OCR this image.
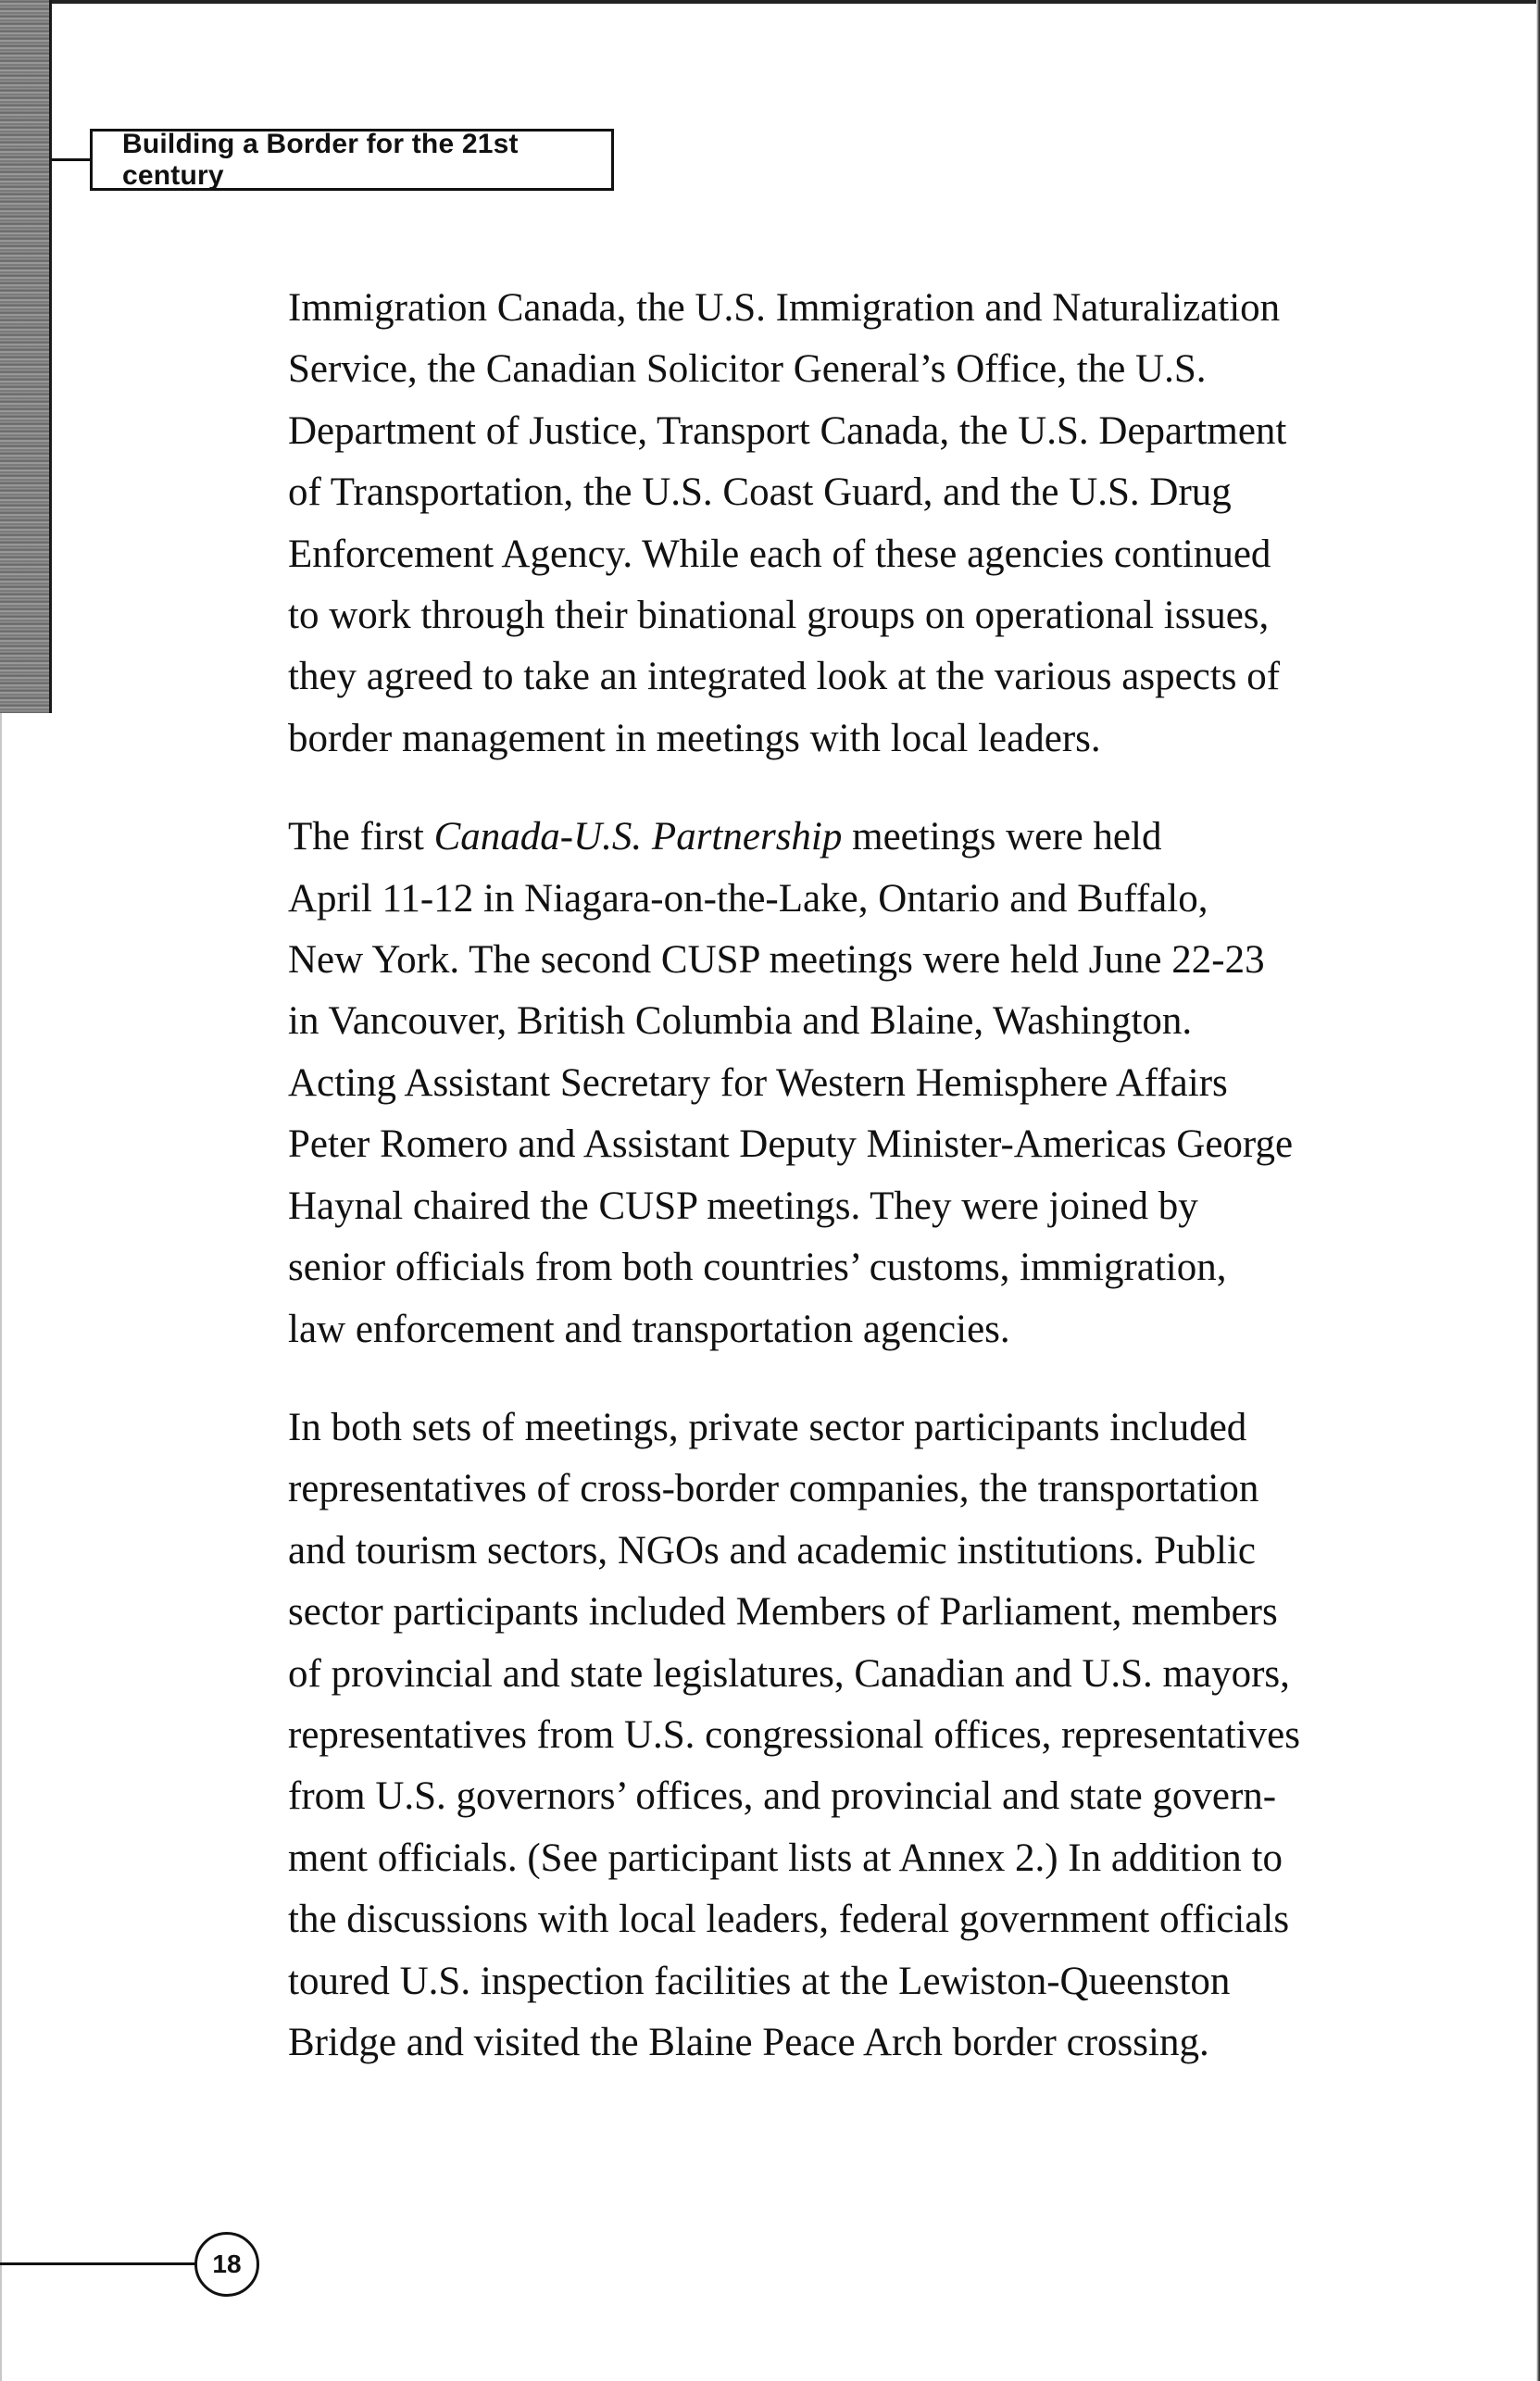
Building a Border for the 21st century

Immigration Canada, the U.S. Immigration and Naturalization
Service, the Canadian Solicitor General’s Office, the U.S.
Department of Justice, Transport Canada, the U.S. Department
of Transportation, the U.S. Coast Guard, and the U.S. Drug
Enforcement Agency. While each of these agencies continued
to work through their binational groups on operational issues,
they agreed to take an integrated look at the various aspects of
border management in meetings with local leaders.

The first Canada-U.S. Partnership meetings were held
April 11-12 in Niagara-on-the-Lake, Ontario and Buffalo,
New York. The second CUSP meetings were held June 22-23
in Vancouver, British Columbia and Blaine, Washington.
Acting Assistant Secretary for Western Hemisphere Affairs
Peter Romero and Assistant Deputy Minister-Americas George
Haynal chaired the CUSP meetings. They were joined by
senior officials from both countries’ customs, immigration,
law enforcement and transportation agencies.

In both sets of meetings, private sector participants included
representatives of cross-border companies, the transportation
and tourism sectors, NGOs and academic institutions. Public
sector participants included Members of Parliament, members
of provincial and state legislatures, Canadian and U.S. mayors,
representatives from U.S. congressional offices, representatives
from U.S. governors’ offices, and provincial and state govern-
ment officials. (See participant lists at Annex 2.) In addition to
the discussions with local leaders, federal government officials
toured U.S. inspection facilities at the Lewiston-Queenston
Bridge and visited the Blaine Peace Arch border crossing.

18
